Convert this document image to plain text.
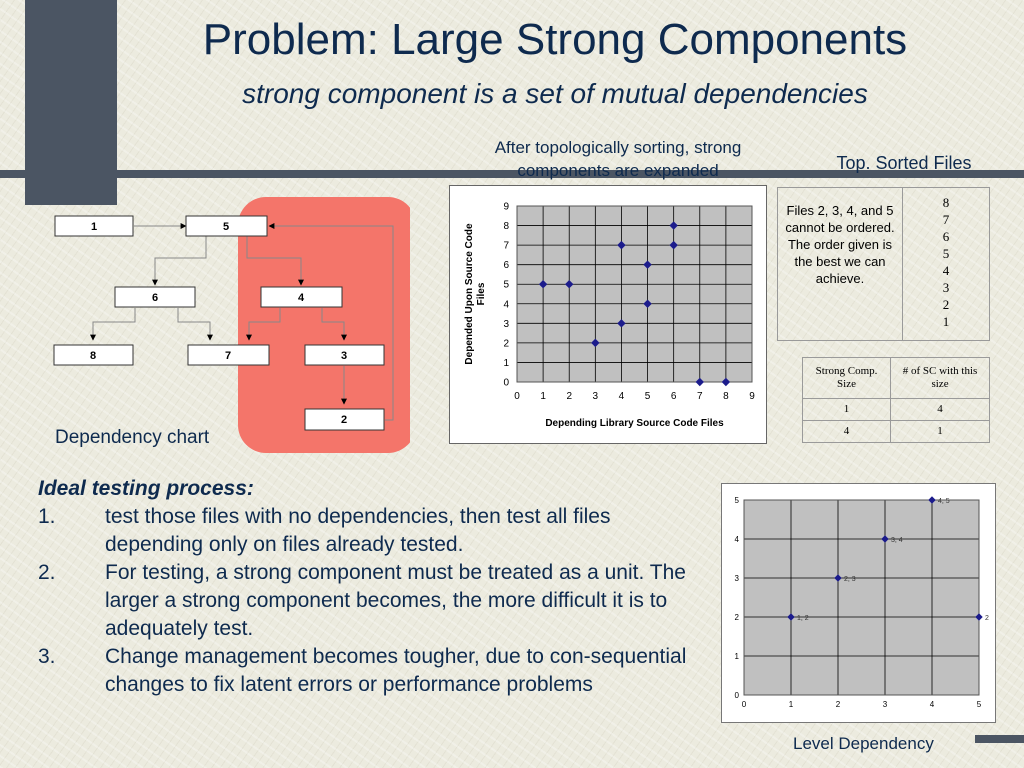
Problem: Large Strong Components
strong component is a set of mutual dependencies
After topologically sorting, strong components are expanded	Top. Sorted Files
1	5
6	4
8	7	3
2
Dependency chart
0 1 2 3 4 5 6 7 8 9
0
1
2
3
4
5
6
7
8
9
Depending Library Source Code Files
Depended Upon Source CodeFiles
Files 2, 3, 4, and 5 cannot be ordered. The order given is the best we can achieve.	
8
7
6
5
4
3
2
1
Strong Comp. Size	# of SC with this size
1	4
4	1
Ideal testing process:
1. test those files with no dependencies, then test all files depending only on files already tested.
2. For testing, a strong component must be treated as a unit. The larger a strong component becomes, the more difficult it is to adequately test.
3. Change management becomes tougher, due to con-sequential changes to fix latent errors or performance problems
0	1	2	3	4	5
0
1
2
3
4
5
1, 2
2, 3
3, 4
4, 5
2
Level Dependency
